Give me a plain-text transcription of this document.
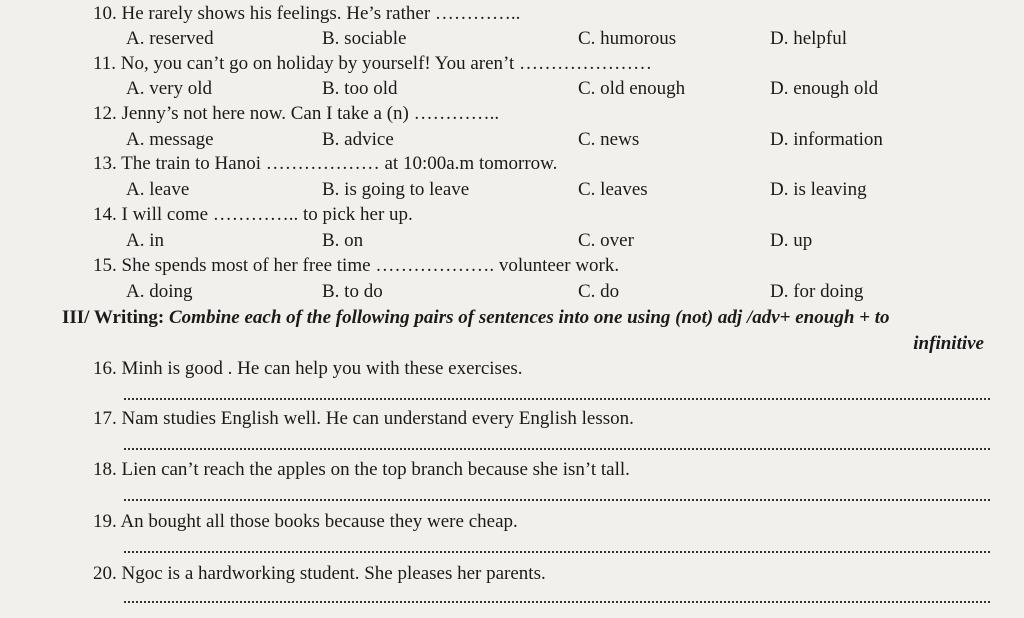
10. He rarely shows his feelings. He’s rather …………..
A. reserved	B. sociable	C. humorous	D. helpful
11. No, you can’t go on holiday by yourself! You aren’t …………………
A. very old	B. too old	C. old enough	D. enough old
12. Jenny’s not here now. Can I take a (n) …………..
A. message	B. advice	C. news	D. information
13. The train to Hanoi ……………… at 10:00a.m tomorrow.
A. leave	B. is going to leave	C. leaves	D. is leaving
14. I will come ………….. to pick her up.
A. in	B. on	C. over	D. up
15. She spends most of her free time ………………. volunteer work.
A. doing	B. to do	C. do	D. for doing
III/ Writing: Combine each of the following pairs of sentences into one using (not) adj /adv+ enough + to
infinitive
16. Minh is good . He can help you with these exercises.
17. Nam studies English well. He can understand every English lesson.
18. Lien can’t reach the apples on the top branch because she isn’t tall.
19. An bought all those books because they were cheap.
20. Ngoc is a hardworking student. She pleases her parents.
